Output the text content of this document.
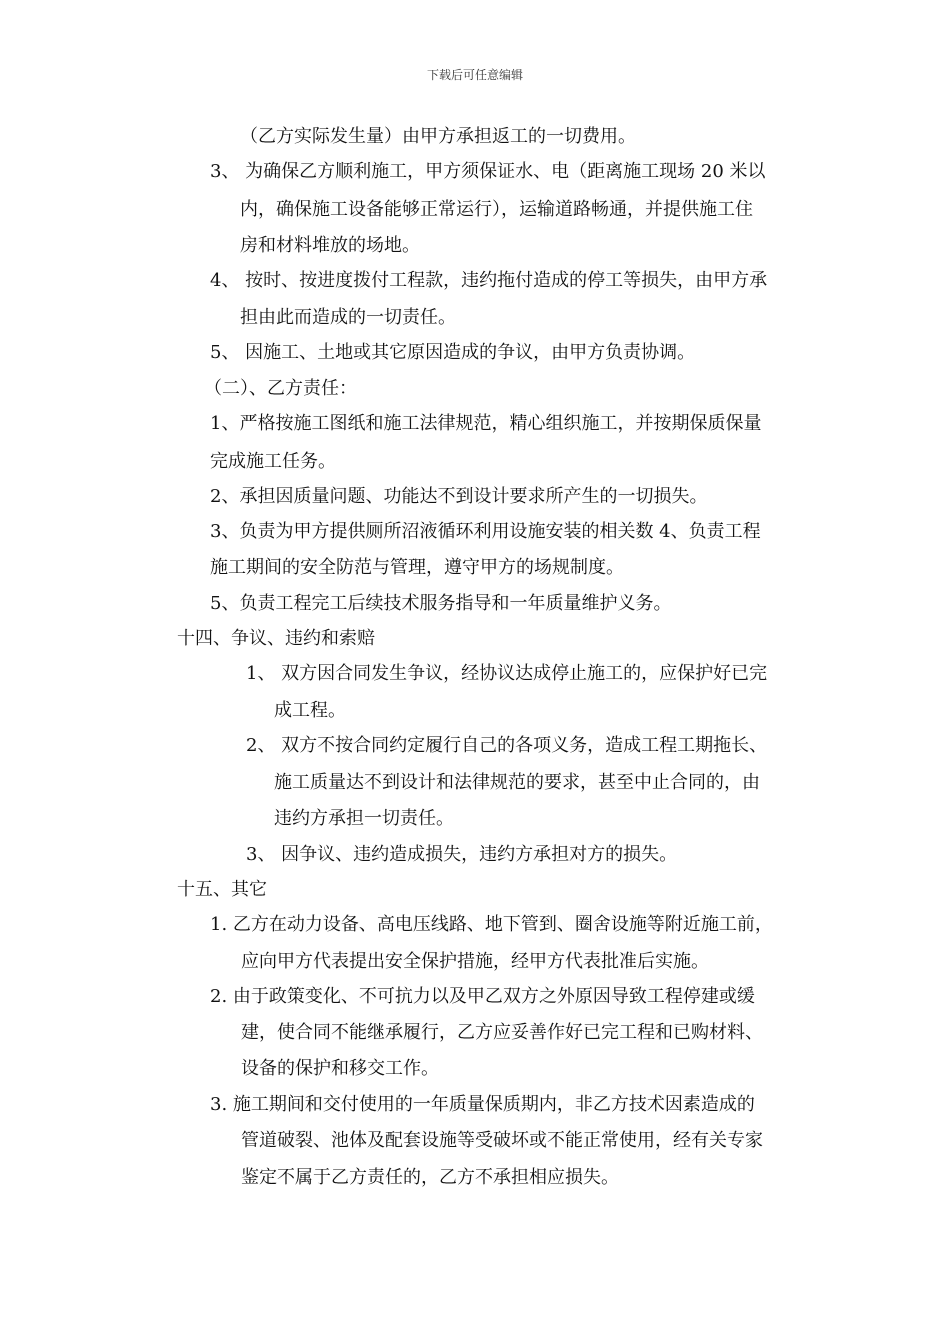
下载后可任意编辑
（乙方实际发生量）由甲方承担返工的一切费用。
3、 为确保乙方顺利施工，甲方须保证水、电（距离施工现场 20 米以
内，确保施工设备能够正常运行），运输道路畅通，并提供施工住
房和材料堆放的场地。
4、 按时、按进度拨付工程款，违约拖付造成的停工等损失，由甲方承
担由此而造成的一切责任。
5、 因施工、土地或其它原因造成的争议，由甲方负责协调。
（二）、乙方责任：
1、严格按施工图纸和施工法律规范，精心组织施工，并按期保质保量
完成施工任务。
2、承担因质量问题、功能达不到设计要求所产生的一切损失。
3、负责为甲方提供厕所沼液循环利用设施安装的相关数 4、负责工程
施工期间的安全防范与管理，遵守甲方的场规制度。
5、负责工程完工后续技术服务指导和一年质量维护义务。
十四、争议、违约和索赔
1、 双方因合同发生争议，经协议达成停止施工的，应保护好已完
成工程。
2、 双方不按合同约定履行自己的各项义务，造成工程工期拖长、
施工质量达不到设计和法律规范的要求，甚至中止合同的，由
违约方承担一切责任。
3、 因争议、违约造成损失，违约方承担对方的损失。
十五、其它
1. 乙方在动力设备、高电压线路、地下管到、圈舍设施等附近施工前，
应向甲方代表提出安全保护措施，经甲方代表批准后实施。
2. 由于政策变化、不可抗力以及甲乙双方之外原因导致工程停建或缓
建，使合同不能继承履行，乙方应妥善作好已完工程和已购材料、
设备的保护和移交工作。
3. 施工期间和交付使用的一年质量保质期内，非乙方技术因素造成的
管道破裂、池体及配套设施等受破坏或不能正常使用，经有关专家
鉴定不属于乙方责任的，乙方不承担相应损失。
